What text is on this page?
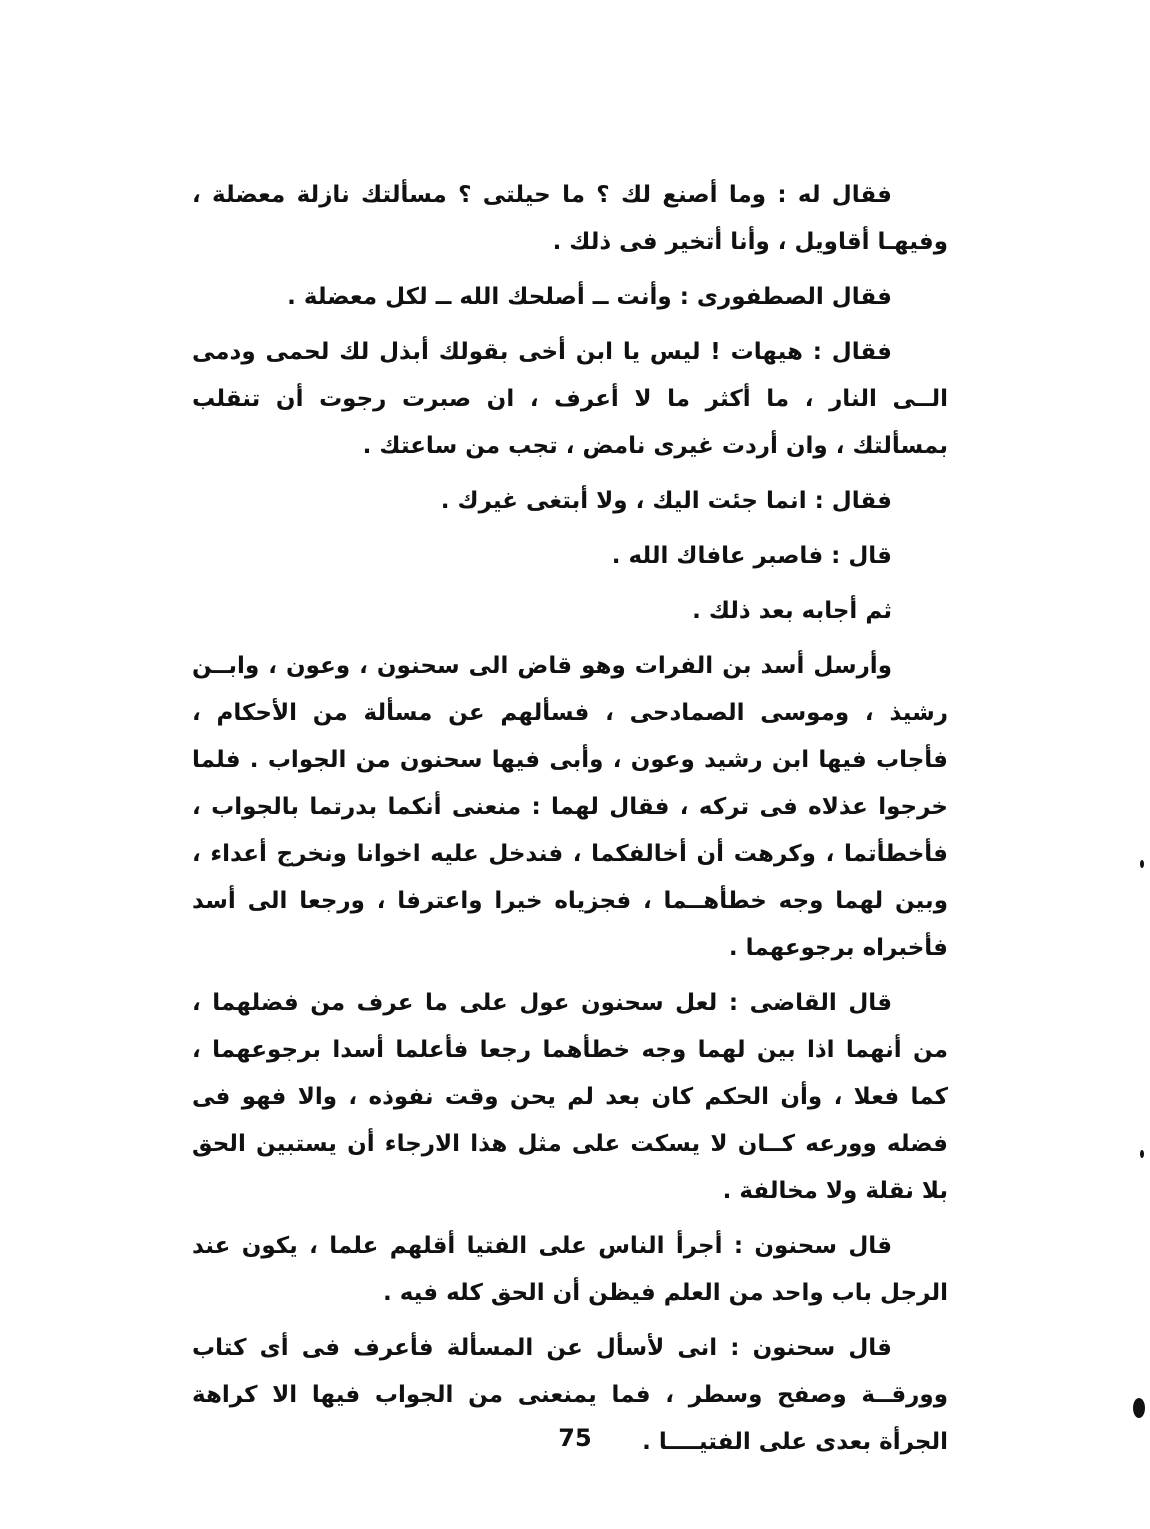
فقال له : وما أصنع لك ؟ ما حيلتى ؟ مسألتك نازلة معضلة ، وفيهـا أقاويل ، وأنا أتخير فى ذلك .

فقال الصطفورى : وأنت ــ أصلحك الله ــ لكل معضلة .

فقال : هيهات ! ليس يا ابن أخى بقولك أبذل لك لحمى ودمى الــى النار ، ما أكثر ما لا أعرف ، ان صبرت رجوت أن تنقلب بمسألتك ، وان أردت غيرى نامض ، تجب من ساعتك .

فقال : انما جئت اليك ، ولا أبتغى غيرك .

قال : فاصبر عافاك الله .

ثم أجابه بعد ذلك .

وأرسل أسد بن الفرات وهو قاض الى سحنون ، وعون ، وابــن رشيذ ، وموسى الصمادحى ، فسألهم عن مسألة من الأحكام ، فأجاب فيها ابن رشيد وعون ، وأبى فيها سحنون من الجواب . فلما خرجوا عذلاه فى تركه ، فقال لهما : منعنى أنكما بدرتما بالجواب ، فأخطأتما ، وكرهت أن أخالفكما ، فندخل عليه اخوانا ونخرج أعداء ، وبين لهما وجه خطأهــما ، فجزياه خيرا واعترفا ، ورجعا الى أسد فأخبراه برجوعهما .

قال القاضى : لعل سحنون عول على ما عرف من فضلهما ، من أنهما اذا بين لهما وجه خطأهما رجعا فأعلما أسدا برجوعهما ، كما فعلا ، وأن الحكم كان بعد لم يحن وقت نفوذه ، والا فهو فى فضله وورعه كــان لا يسكت على مثل هذا الارجاء أن يستبين الحق بلا نقلة ولا مخالفة .

قال سحنون : أجرأ الناس على الفتيا أقلهم علما ، يكون عند الرجل باب واحد من العلم فيظن أن الحق كله فيه .

قال سحنون : انى لأسأل عن المسألة فأعرف فى أى كتاب وورقــة وصفح وسطر ، فما يمنعنى من الجواب فيها الا كراهة الجرأة بعدى على الفتيــــا .

75
